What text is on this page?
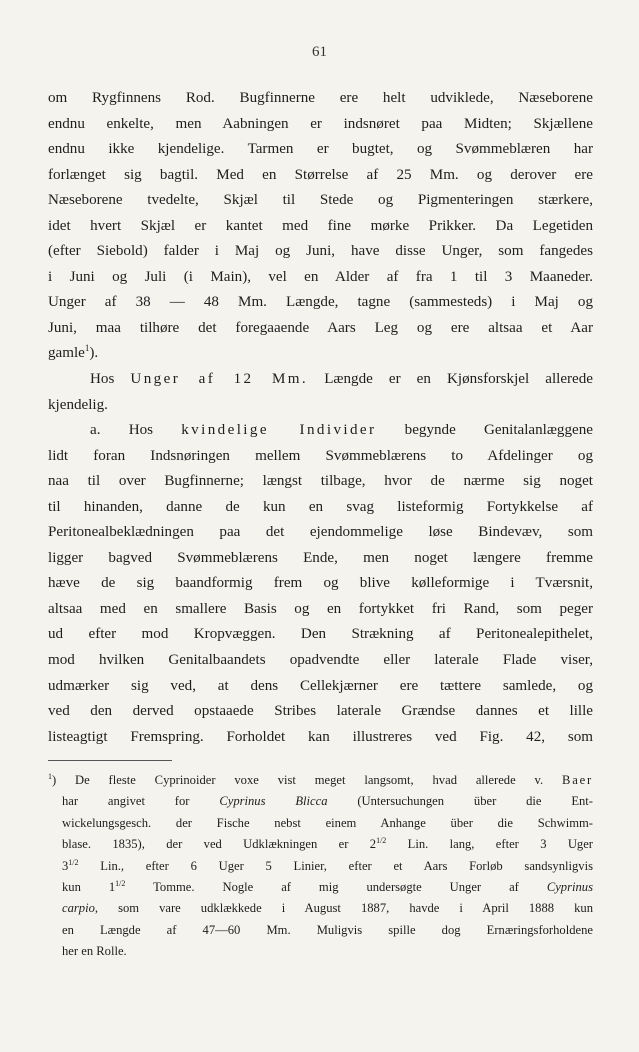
61
om Rygfinnens Rod. Bugfinnerne ere helt udviklede, Næseborene
endnu enkelte, men Aabningen er indsnøret paa Midten; Skjællene
endnu ikke kjendelige. Tarmen er bugtet, og Svømmeblæren har
forlænget sig bagtil. Med en Størrelse af 25 Mm. og derover ere
Næseborene tvedelte, Skjæl til Stede og Pigmenteringen stærkere,
idet hvert Skjæl er kantet med fine mørke Prikker. Da Legetiden
(efter Siebold) falder i Maj og Juni, have disse Unger, som fangedes
i Juni og Juli (i Main), vel en Alder af fra 1 til 3 Maaneder.
Unger af 38 — 48 Mm. Længde, tagne (sammesteds) i Maj og
Juni, maa tilhøre det foregaaende Aars Leg og ere altsaa et Aar
gamle$^1$).
Hos Unger af 12 Mm. Længde er en Kjønsforskjel allerede
kjendelig.
a. Hos kvindelige Individer begynde Genitalanlæggene
lidt foran Indsnøringen mellem Svømmeblærens to Afdelinger og
naa til over Bugfinnerne; længst tilbage, hvor de nærme sig noget
til hinanden, danne de kun en svag listeformig Fortykkelse af
Peritonealbeklædningen paa det ejendommelige løse Bindevæv, som
ligger bagved Svømmeblærens Ende, men noget længere fremme
hæve de sig baandformig frem og blive kølleformige i Tværsnit,
altsaa med en smallere Basis og en fortykket fri Rand, som peger
ud efter mod Kropvæggen. Den Strækning af Peritonealepithelet,
mod hvilken Genitalbaandets opadvendte eller laterale Flade viser,
udmærker sig ved, at dens Cellekjærner ere tættere samlede, og
ved den derved opstaaede Stribes laterale Grændse dannes et lille
listeagtigt Fremspring. Forholdet kan illustreres ved Fig. 42, som
$^1$) De fleste Cyprinoider voxe vist meget langsomt, hvad allerede v. Baer
har angivet for Cyprinus Blicca (Untersuchungen über die Ent-
wickelungsgesch. der Fische nebst einem Anhange über die Schwimm-
blase. 1835), der ved Udklækningen er $2^{1/2}$ Lin. lang, efter 3 Uger
$3^{1/2}$ Lin., efter 6 Uger 5 Linier, efter et Aars Forløb sandsynligvis
kun $1^{1/2}$ Tomme. Nogle af mig undersøgte Unger af Cyprinus
carpio, som vare udklækkede i August 1887, havde i April 1888 kun
en Længde af 47—60 Mm. Muligvis spille dog Ernæringsforholdene
her en Rolle.
